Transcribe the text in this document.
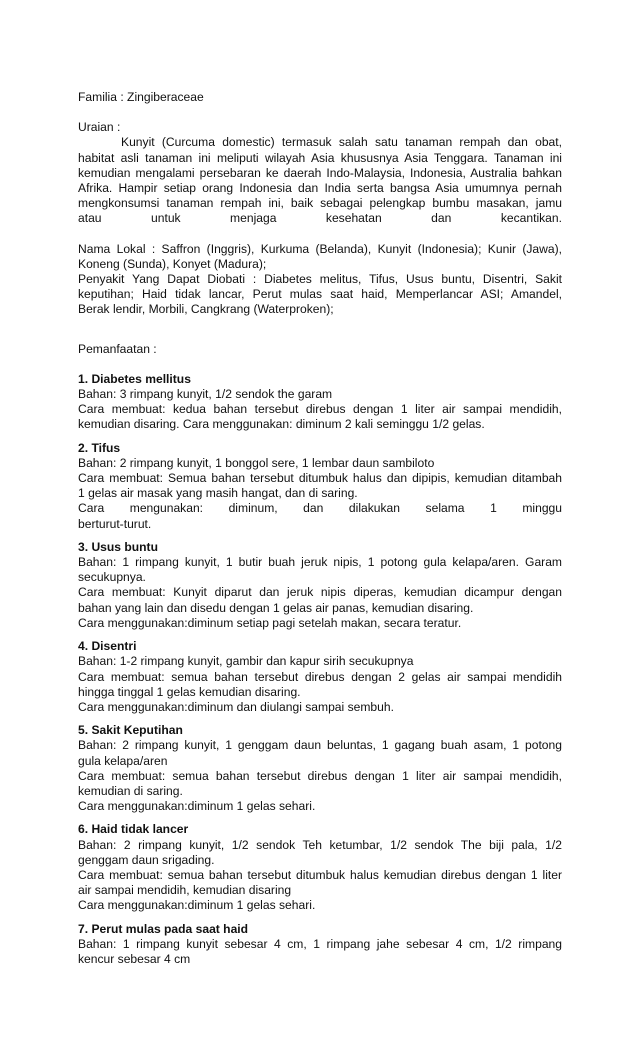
Familia : Zingiberaceae
Uraian :
Kunyit (Curcuma domestic) termasuk salah satu tanaman rempah dan obat,
habitat asli tanaman ini meliputi wilayah Asia khususnya Asia Tenggara. Tanaman ini
kemudian mengalami persebaran ke daerah Indo-Malaysia, Indonesia, Australia bahkan
Afrika. Hampir setiap orang Indonesia dan India serta bangsa Asia umumnya pernah
mengkonsumsi tanaman rempah ini, baik sebagai pelengkap bumbu masakan, jamu
atau untuk menjaga kesehatan dan kecantikan.
Nama Lokal : Saffron (Inggris), Kurkuma (Belanda), Kunyit (Indonesia); Kunir (Jawa),
Koneng (Sunda), Konyet (Madura);
Penyakit Yang Dapat Diobati : Diabetes melitus, Tifus, Usus buntu, Disentri, Sakit
keputihan; Haid tidak lancar, Perut mulas saat haid, Memperlancar ASI; Amandel,
Berak lendir, Morbili, Cangkrang (Waterproken);
Pemanfaatan :
1. Diabetes mellitus
Bahan: 3 rimpang kunyit, 1/2 sendok the garam
Cara membuat: kedua bahan tersebut direbus dengan 1 liter air sampai mendidih,
kemudian disaring. Cara menggunakan: diminum 2 kali seminggu 1/2 gelas.
2. Tifus
Bahan: 2 rimpang kunyit, 1 bonggol sere, 1 lembar daun sambiloto
Cara membuat: Semua bahan tersebut ditumbuk halus dan dipipis, kemudian ditambah
1 gelas air masak yang masih hangat, dan di saring.
Cara mengunakan: diminum, dan dilakukan selama 1 minggu
berturut-turut.
3. Usus buntu
Bahan: 1 rimpang kunyit, 1 butir buah jeruk nipis, 1 potong gula kelapa/aren. Garam
secukupnya.
Cara membuat: Kunyit diparut dan jeruk nipis diperas, kemudian dicampur dengan
bahan yang lain dan disedu dengan 1 gelas air panas, kemudian disaring.
Cara menggunakan:diminum setiap pagi setelah makan, secara teratur.
4. Disentri
Bahan: 1-2 rimpang kunyit, gambir dan kapur sirih secukupnya
Cara membuat: semua bahan tersebut direbus dengan 2 gelas air sampai mendidih
hingga tinggal 1 gelas kemudian disaring.
Cara menggunakan:diminum dan diulangi sampai sembuh.
5. Sakit Keputihan
Bahan: 2 rimpang kunyit, 1 genggam daun beluntas, 1 gagang buah asam, 1 potong
gula kelapa/aren
Cara membuat: semua bahan tersebut direbus dengan 1 liter air sampai mendidih,
kemudian di saring.
Cara menggunakan:diminum 1 gelas sehari.
6. Haid tidak lancer
Bahan: 2 rimpang kunyit, 1/2 sendok Teh ketumbar, 1/2 sendok The biji pala, 1/2
genggam daun srigading.
Cara membuat: semua bahan tersebut ditumbuk halus kemudian direbus dengan 1 liter
air sampai mendidih, kemudian disaring
Cara menggunakan:diminum 1 gelas sehari.
7. Perut mulas pada saat haid
Bahan: 1 rimpang kunyit sebesar 4 cm, 1 rimpang jahe sebesar 4 cm, 1/2 rimpang
kencur sebesar 4 cm
